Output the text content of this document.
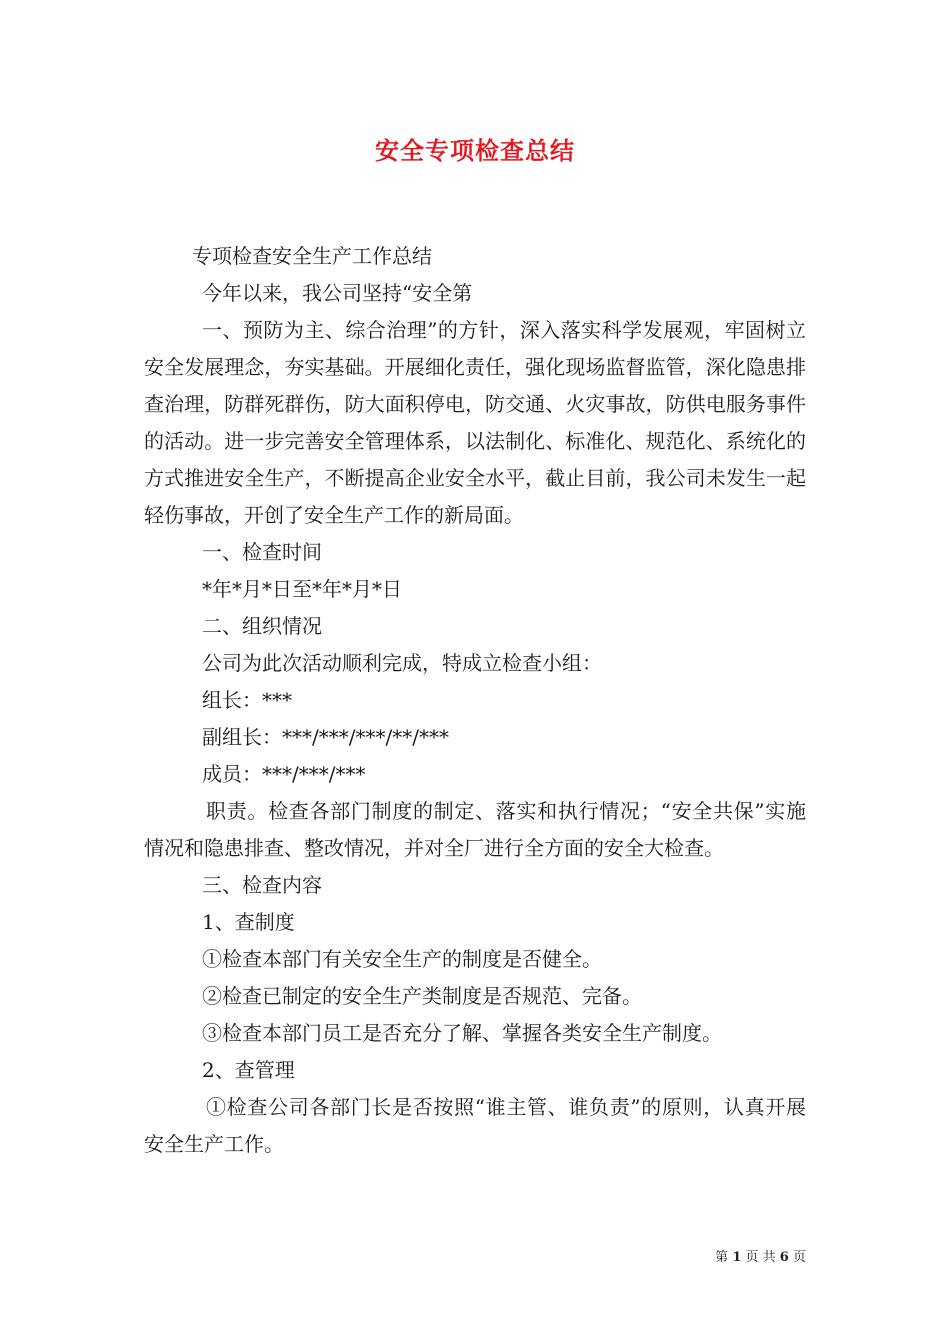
安全专项检查总结

专项检查安全生产工作总结

今年以来，我公司坚持“安全第

一、预防为主、综合治理”的方针，深入落实科学发展观，牢固树立安全发展理念，夯实基础。开展细化责任，强化现场监督监管，深化隐患排查治理，防群死群伤，防大面积停电，防交通、火灾事故，防供电服务事件的活动。进一步完善安全管理体系，以法制化、标准化、规范化、系统化的方式推进安全生产，不断提高企业安全水平，截止目前，我公司未发生一起轻伤事故，开创了安全生产工作的新局面。

一、检查时间

*年*月*日至*年*月*日

二、组织情况

公司为此次活动顺利完成，特成立检查小组：

组长：***

副组长：***/***/***/**/***

成员：***/***/***

职责。检查各部门制度的制定、落实和执行情况；“安全共保”实施情况和隐患排查、整改情况，并对全厂进行全方面的安全大检查。

三、检查内容

1、查制度

①检查本部门有关安全生产的制度是否健全。

②检查已制定的安全生产类制度是否规范、完备。

③检查本部门员工是否充分了解、掌握各类安全生产制度。

2、查管理

①检查公司各部门长是否按照“谁主管、谁负责”的原则，认真开展安全生产工作。

第 1 页 共 6 页
